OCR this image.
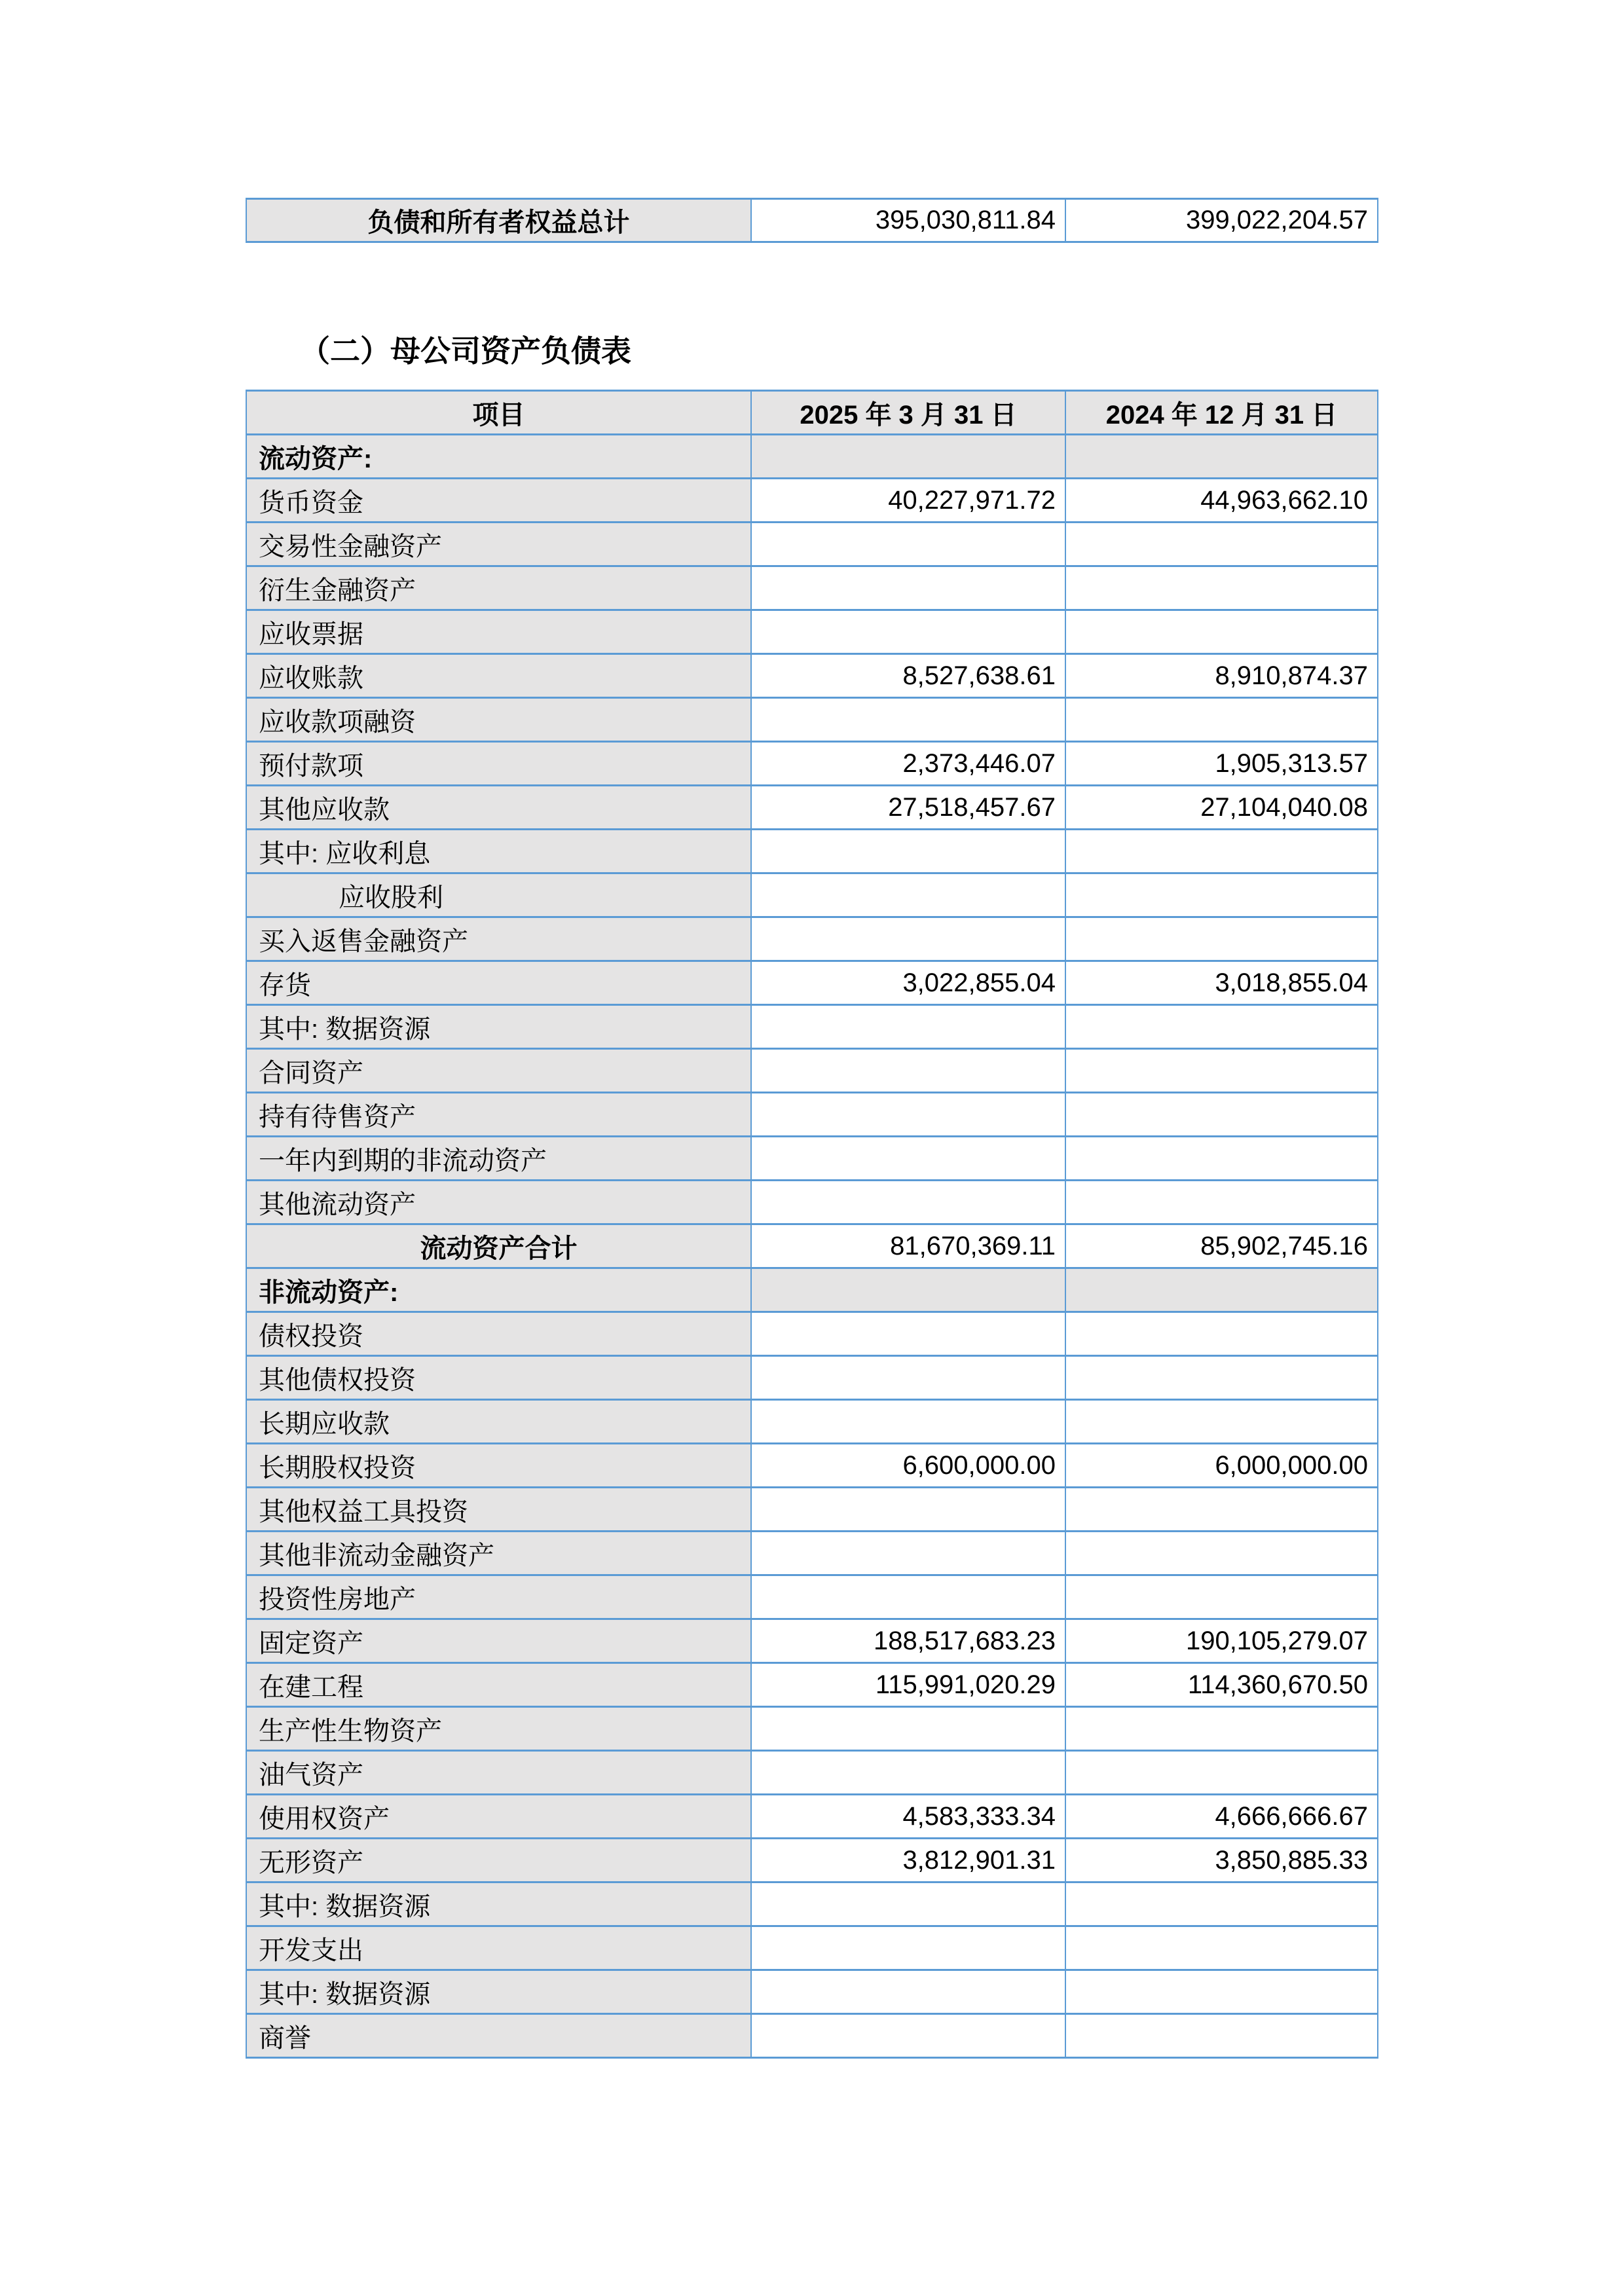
负债和所有者权益总计	395,030,811.84	399,022,204.57
（二）母公司资产负债表
项目	2025 年 3 月 31 日	2024 年 12 月 31 日
流动资产:		
货币资金	40,227,971.72	44,963,662.10
交易性金融资产		
衍生金融资产		
应收票据		
应收账款	8,527,638.61	8,910,874.37
应收款项融资		
预付款项	2,373,446.07	1,905,313.57
其他应收款	27,518,457.67	27,104,040.08
其中: 应收利息		
应收股利		
买入返售金融资产		
存货	3,022,855.04	3,018,855.04
其中: 数据资源		
合同资产		
持有待售资产		
一年内到期的非流动资产		
其他流动资产		
流动资产合计	81,670,369.11	85,902,745.16
非流动资产:		
债权投资		
其他债权投资		
长期应收款		
长期股权投资	6,600,000.00	6,000,000.00
其他权益工具投资		
其他非流动金融资产		
投资性房地产		
固定资产	188,517,683.23	190,105,279.07
在建工程	115,991,020.29	114,360,670.50
生产性生物资产		
油气资产		
使用权资产	4,583,333.34	4,666,666.67
无形资产	3,812,901.31	3,850,885.33
其中: 数据资源		
开发支出		
其中: 数据资源		
商誉		
